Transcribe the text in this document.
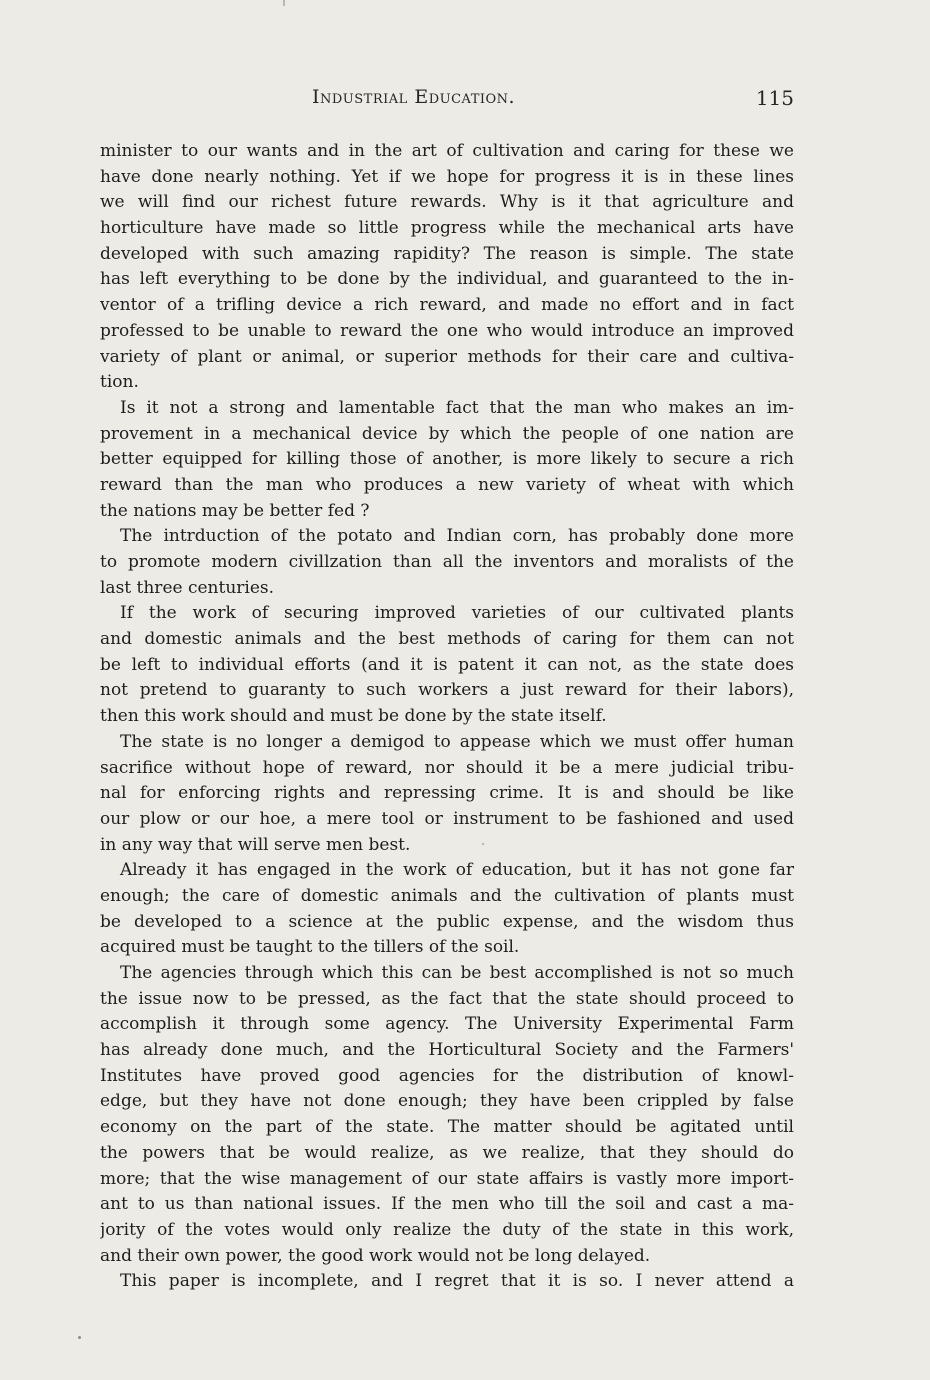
Industrial Education.	115
minister to our wants and in the art of cultivation and caring for these we
have done nearly nothing. Yet if we hope for progress it is in these lines
we will find our richest future rewards. Why is it that agriculture and
horticulture have made so little progress while the mechanical arts have
developed with such amazing rapidity? The reason is simple. The state
has left everything to be done by the individual, and guaranteed to the in-
ventor of a trifling device a rich reward, and made no effort and in fact
professed to be unable to reward the one who would introduce an improved
variety of plant or animal, or superior methods for their care and cultiva-
tion.
Is it not a strong and lamentable fact that the man who makes an im-
provement in a mechanical device by which the people of one nation are
better equipped for killing those of another, is more likely to secure a rich
reward than the man who produces a new variety of wheat with which
the nations may be better fed ?
The intrduction of the potato and Indian corn, has probably done more
to promote modern civillzation than all the inventors and moralists of the
last three centuries.
If the work of securing improved varieties of our cultivated plants
and domestic animals and the best methods of caring for them can not
be left to individual efforts (and it is patent it can not, as the state does
not pretend to guaranty to such workers a just reward for their labors),
then this work should and must be done by the state itself.
The state is no longer a demigod to appease which we must offer human
sacrifice without hope of reward, nor should it be a mere judicial tribu-
nal for enforcing rights and repressing crime. It is and should be like
our plow or our hoe, a mere tool or instrument to be fashioned and used
in any way that will serve men best.
Already it has engaged in the work of education, but it has not gone far
enough; the care of domestic animals and the cultivation of plants must
be developed to a science at the public expense, and the wisdom thus
acquired must be taught to the tillers of the soil.
The agencies through which this can be best accomplished is not so much
the issue now to be pressed, as the fact that the state should proceed to
accomplish it through some agency. The University Experimental Farm
has already done much, and the Horticultural Society and the Farmers'
Institutes have proved good agencies for the distribution of knowl-
edge, but they have not done enough; they have been crippled by false
economy on the part of the state. The matter should be agitated until
the powers that be would realize, as we realize, that they should do
more; that the wise management of our state affairs is vastly more import-
ant to us than national issues. If the men who till the soil and cast a ma-
jority of the votes would only realize the duty of the state in this work,
and their own power, the good work would not be long delayed.
This paper is incomplete, and I regret that it is so. I never attend a
